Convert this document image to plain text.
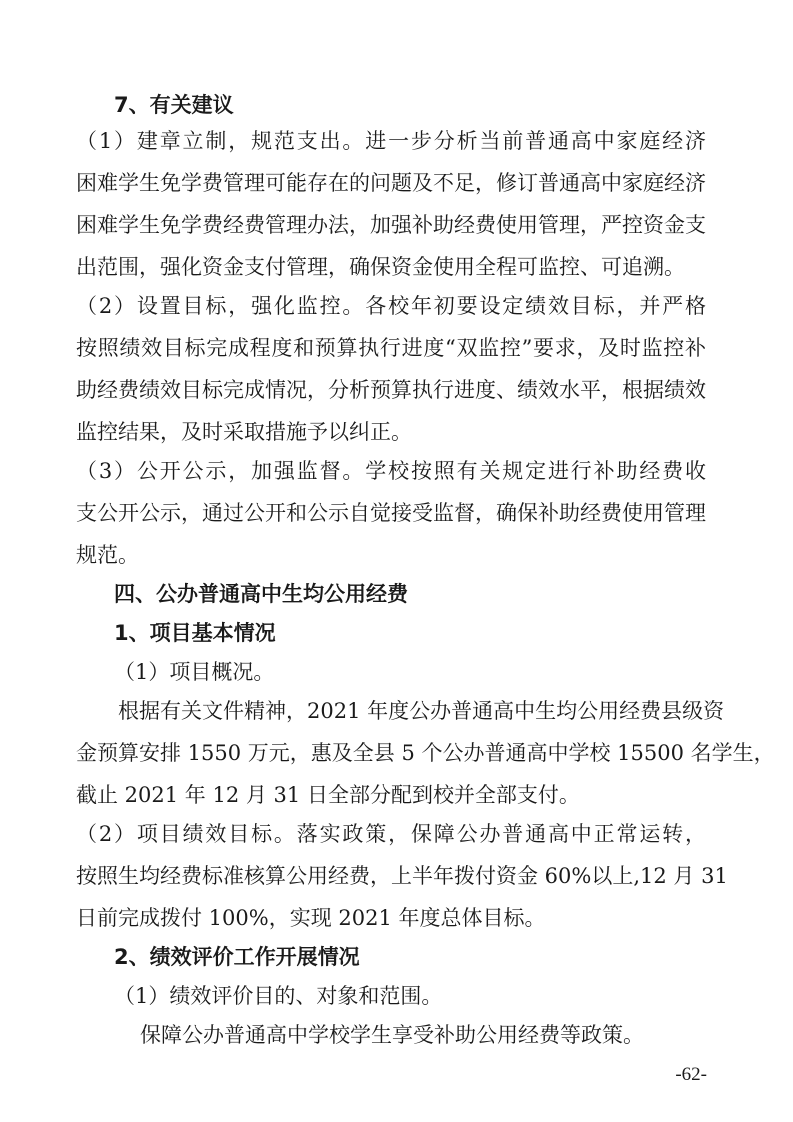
7、有关建议

（1）建章立制，规范支出。进一步分析当前普通高中家庭经济

困难学生免学费管理可能存在的问题及不足，修订普通高中家庭经济

困难学生免学费经费管理办法，加强补助经费使用管理，严控资金支

出范围，强化资金支付管理，确保资金使用全程可监控、可追溯。

（2）设置目标，强化监控。各校年初要设定绩效目标，并严格

按照绩效目标完成程度和预算执行进度“双监控”要求，及时监控补

助经费绩效目标完成情况，分析预算执行进度、绩效水平，根据绩效

监控结果，及时采取措施予以纠正。

（3）公开公示，加强监督。学校按照有关规定进行补助经费收

支公开公示，通过公开和公示自觉接受监督，确保补助经费使用管理

规范。

四、公办普通高中生均公用经费

1、项目基本情况

（1）项目概况。

根据有关文件精神，2021 年度公办普通高中生均公用经费县级资

金预算安排 1550 万元，惠及全县 5 个公办普通高中学校 15500 名学生，

截止 2021 年 12 月 31 日全部分配到校并全部支付。

（2）项目绩效目标。落实政策，保障公办普通高中正常运转，

按照生均经费标准核算公用经费，上半年拨付资金 60%以上,12 月 31

日前完成拨付 100%，实现 2021 年度总体目标。

2、绩效评价工作开展情况

（1）绩效评价目的、对象和范围。

保障公办普通高中学校学生享受补助公用经费等政策。

-62-
